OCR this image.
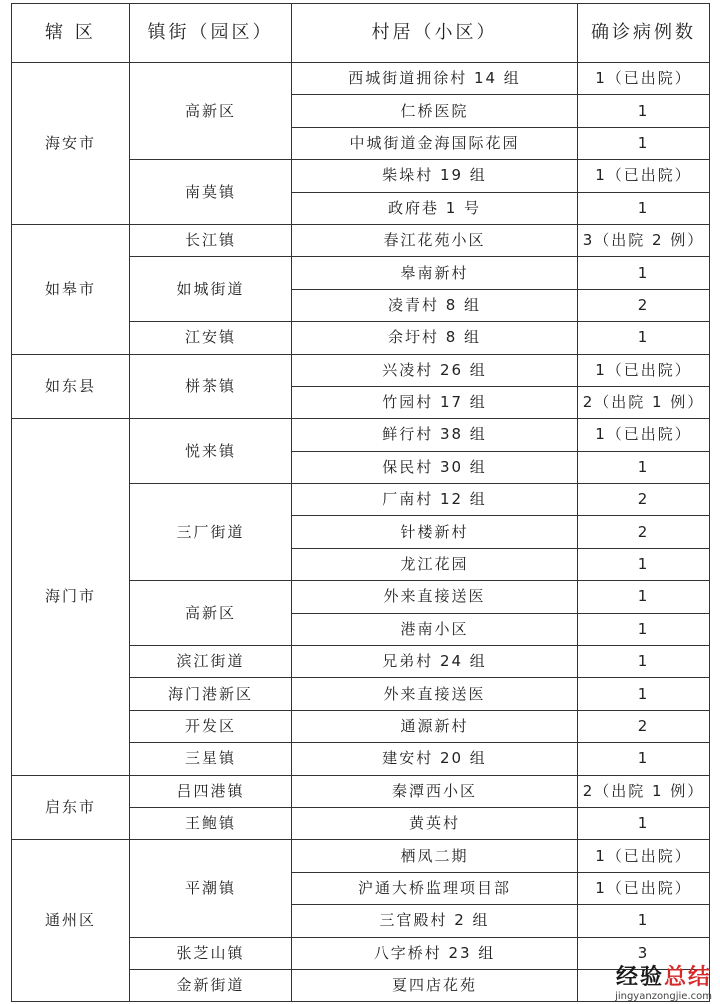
辖 区	镇街（园区）	村居（小区）	确诊病例数
海安市	高新区	西城街道拥徐村 14 组	1（已出院）
		仁桥医院	1
		中城街道金海国际花园	1
	南莫镇	柴垛村 19 组	1（已出院）
		政府巷 1 号	1
如皋市	长江镇	春江花苑小区	3（出院 2 例）
	如城街道	皋南新村	1
		凌青村 8 组	2
	江安镇	余圩村 8 组	1
如东县	栟茶镇	兴凌村 26 组	1（已出院）
		竹园村 17 组	2（出院 1 例）
海门市	悦来镇	鲜行村 38 组	1（已出院）
		保民村 30 组	1
	三厂街道	厂南村 12 组	2
		针楼新村	2
		龙江花园	1
	高新区	外来直接送医	1
		港南小区	1
	滨江街道	兄弟村 24 组	1
	海门港新区	外来直接送医	1
	开发区	通源新村	2
	三星镇	建安村 20 组	1
启东市	吕四港镇	秦潭西小区	2（出院 1 例）
	王鲍镇	黄英村	1
通州区	平潮镇	栖凤二期	1（已出院）
		沪通大桥监理项目部	1（已出院）
		三官殿村 2 组	1
	张芝山镇	八字桥村 23 组	3
	金新街道	夏四店花苑		经验总结
jingyanzongjie.com
